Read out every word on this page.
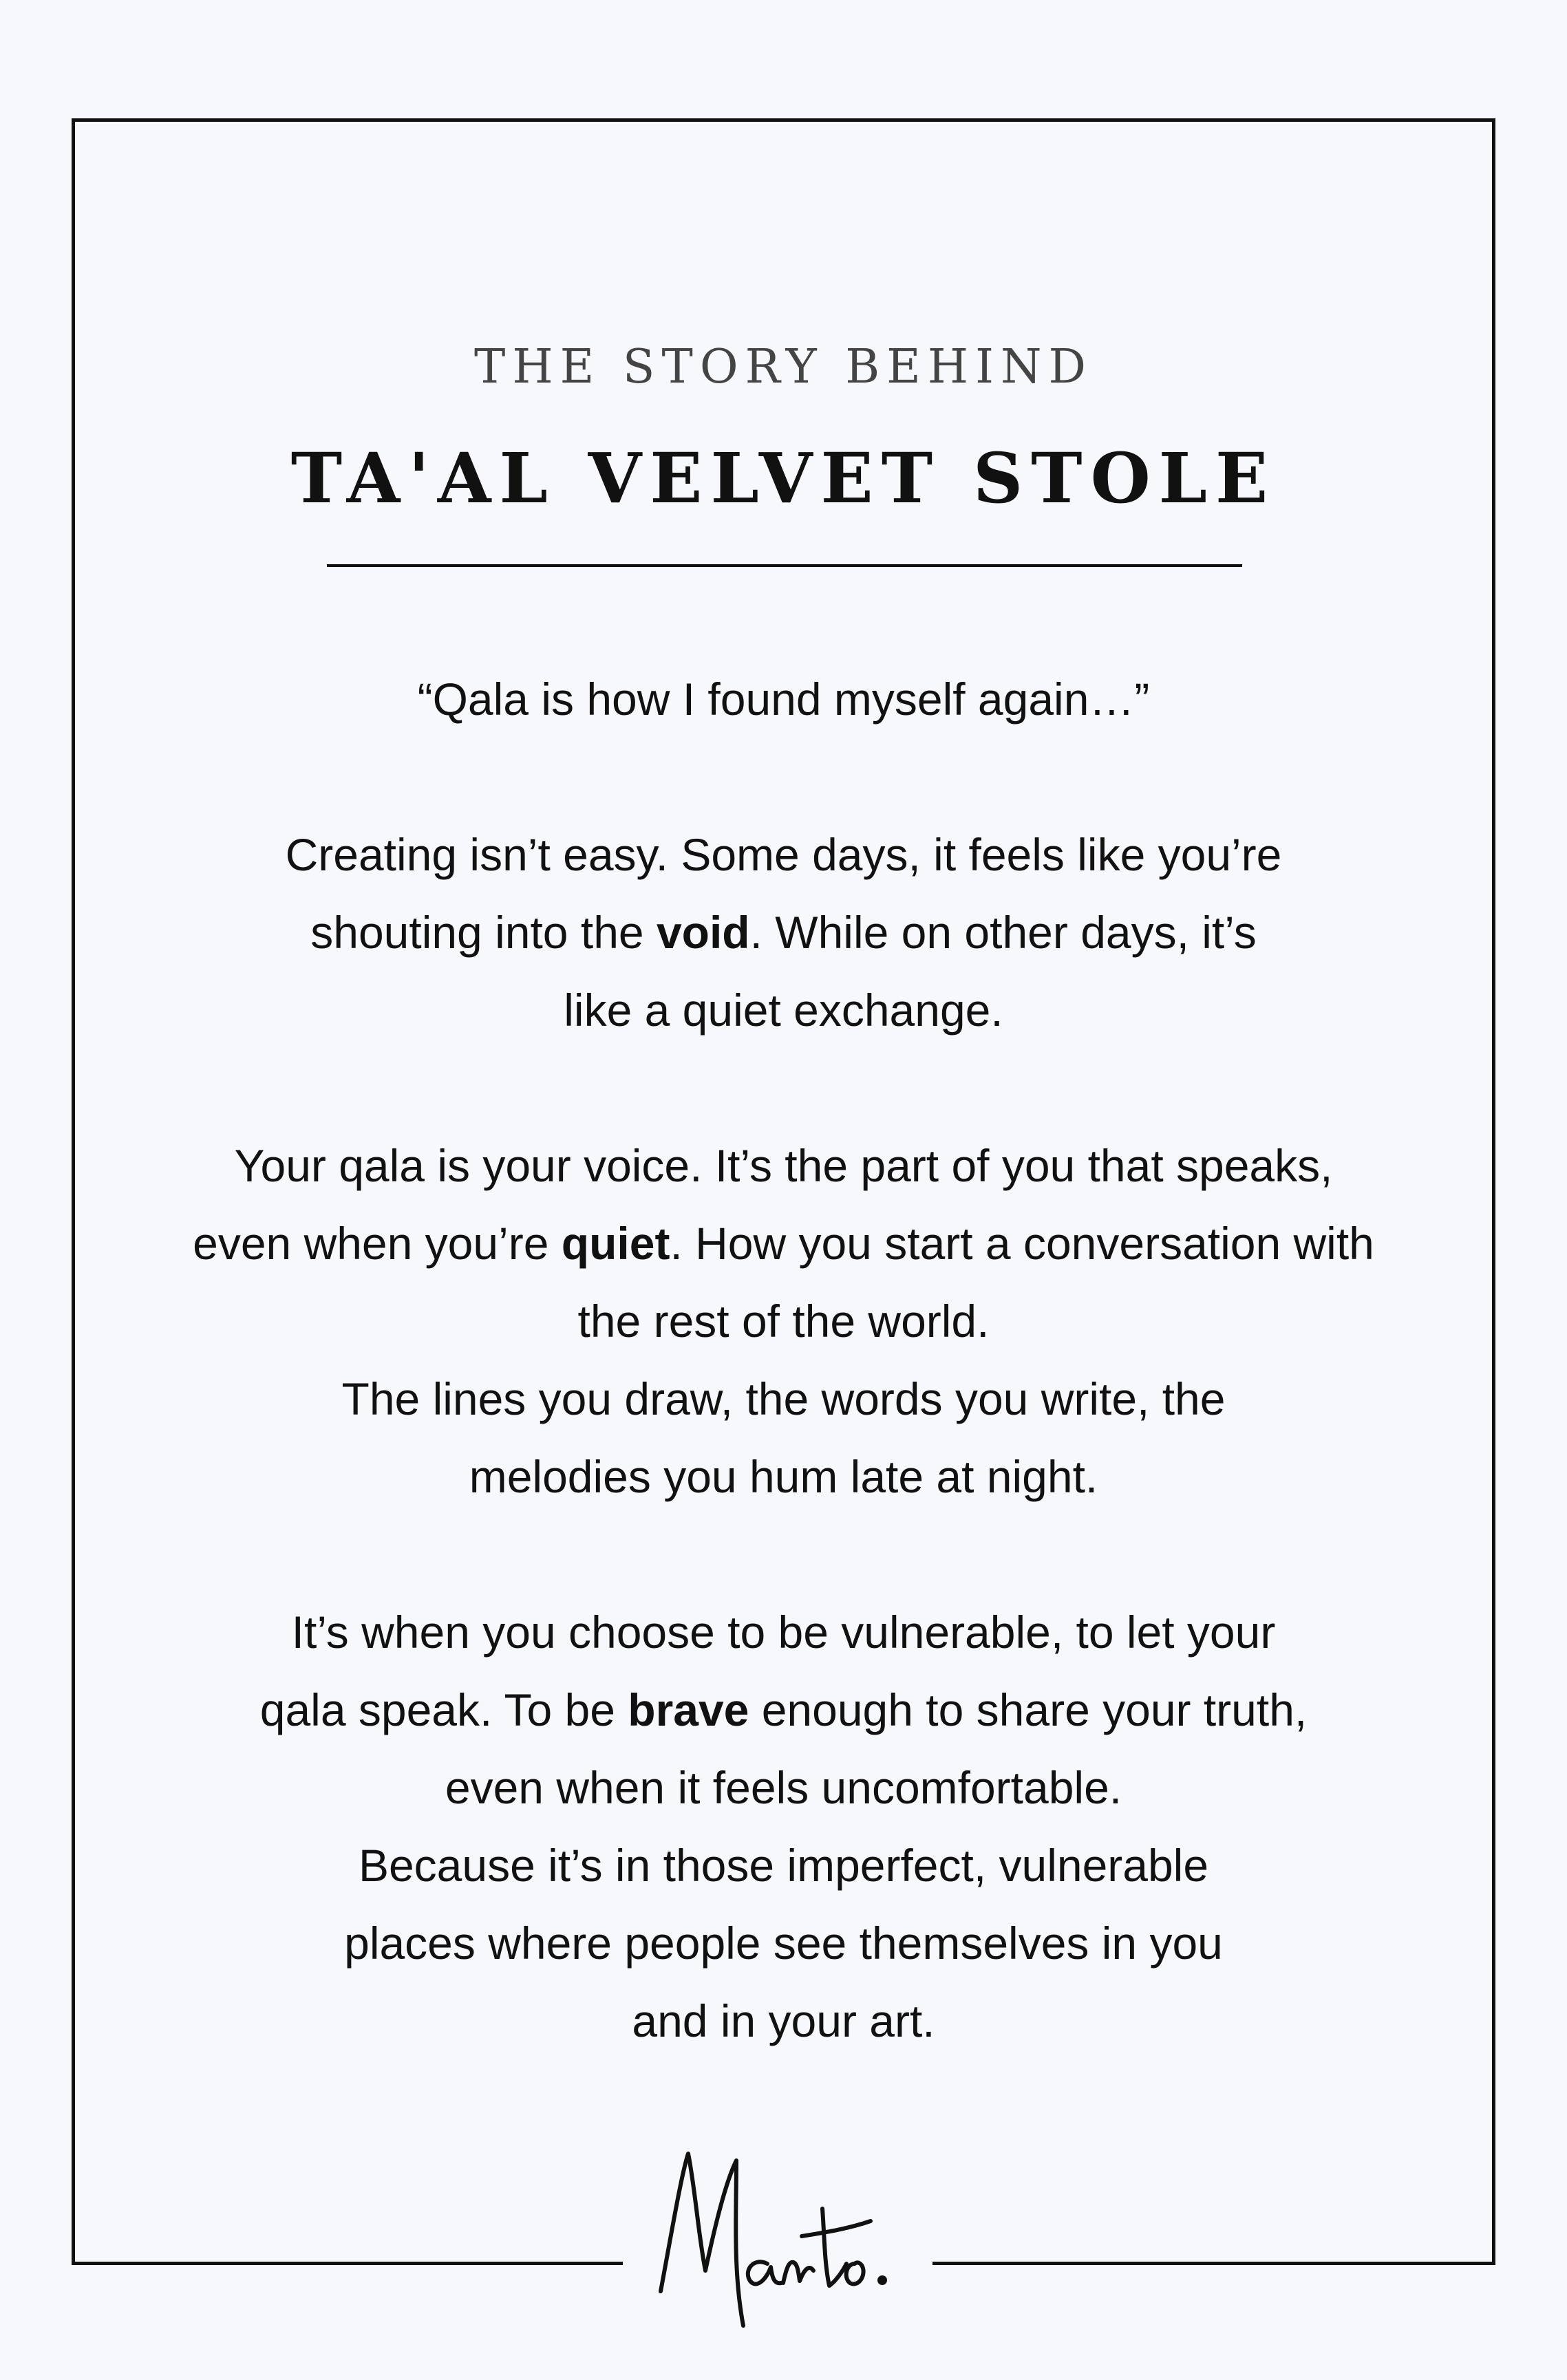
THE STORY BEHIND
TA'AL VELVET STOLE

“Qala is how I found myself again…”

Creating isn’t easy. Some days, it feels like you’re shouting into the void. While on other days, it’s like a quiet exchange.

Your qala is your voice. It’s the part of you that speaks, even when you’re quiet. How you start a conversation with the rest of the world.

The lines you draw, the words you write, the melodies you hum late at night.

It’s when you choose to be vulnerable, to let your qala speak. To be brave enough to share your truth, even when it feels uncomfortable.

Because it’s in those imperfect, vulnerable places where people see themselves in you and in your art.
